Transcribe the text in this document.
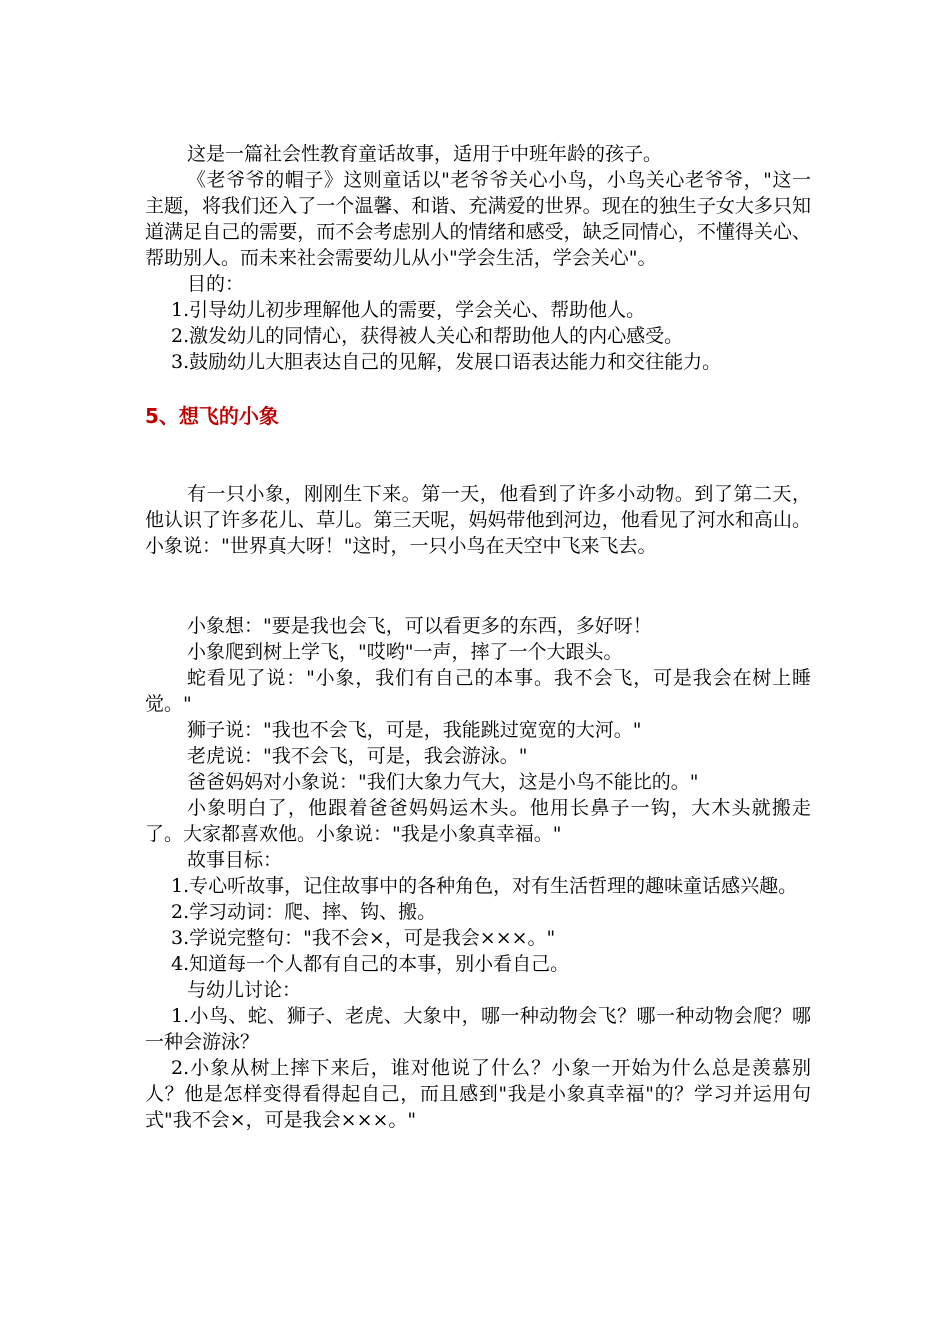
这是一篇社会性教育童话故事，适用于中班年龄的孩子。

《老爷爷的帽子》这则童话以"老爷爷关心小鸟，小鸟关心老爷爷，"这一主题，将我们还入了一个温馨、和谐、充满爱的世界。现在的独生子女大多只知道满足自己的需要，而不会考虑别人的情绪和感受，缺乏同情心，不懂得关心、帮助别人。而未来社会需要幼儿从小"学会生活，学会关心"。

目的：

1.引导幼儿初步理解他人的需要，学会关心、帮助他人。

2.激发幼儿的同情心，获得被人关心和帮助他人的内心感受。

3.鼓励幼儿大胆表达自己的见解，发展口语表达能力和交往能力。

5、想飞的小象

有一只小象，刚刚生下来。第一天，他看到了许多小动物。到了第二天，他认识了许多花儿、草儿。第三天呢，妈妈带他到河边，他看见了河水和高山。小象说："世界真大呀！"这时，一只小鸟在天空中飞来飞去。

小象想："要是我也会飞，可以看更多的东西，多好呀！

小象爬到树上学飞，"哎哟"一声，摔了一个大跟头。

蛇看见了说："小象，我们有自己的本事。我不会飞，可是我会在树上睡觉。"

狮子说："我也不会飞，可是，我能跳过宽宽的大河。"

老虎说："我不会飞，可是，我会游泳。"

爸爸妈妈对小象说："我们大象力气大，这是小鸟不能比的。"

小象明白了，他跟着爸爸妈妈运木头。他用长鼻子一钩，大木头就搬走了。大家都喜欢他。小象说："我是小象真幸福。"

故事目标：

1.专心听故事，记住故事中的各种角色，对有生活哲理的趣味童话感兴趣。

2.学习动词：爬、摔、钩、搬。

3.学说完整句："我不会×，可是我会×××。"

4.知道每一个人都有自己的本事，别小看自己。

与幼儿讨论：

1.小鸟、蛇、狮子、老虎、大象中，哪一种动物会飞？哪一种动物会爬？哪一种会游泳？

2.小象从树上摔下来后，谁对他说了什么？小象一开始为什么总是羡慕别人？他是怎样变得看得起自己，而且感到"我是小象真幸福"的？学习并运用句式"我不会×，可是我会×××。"
